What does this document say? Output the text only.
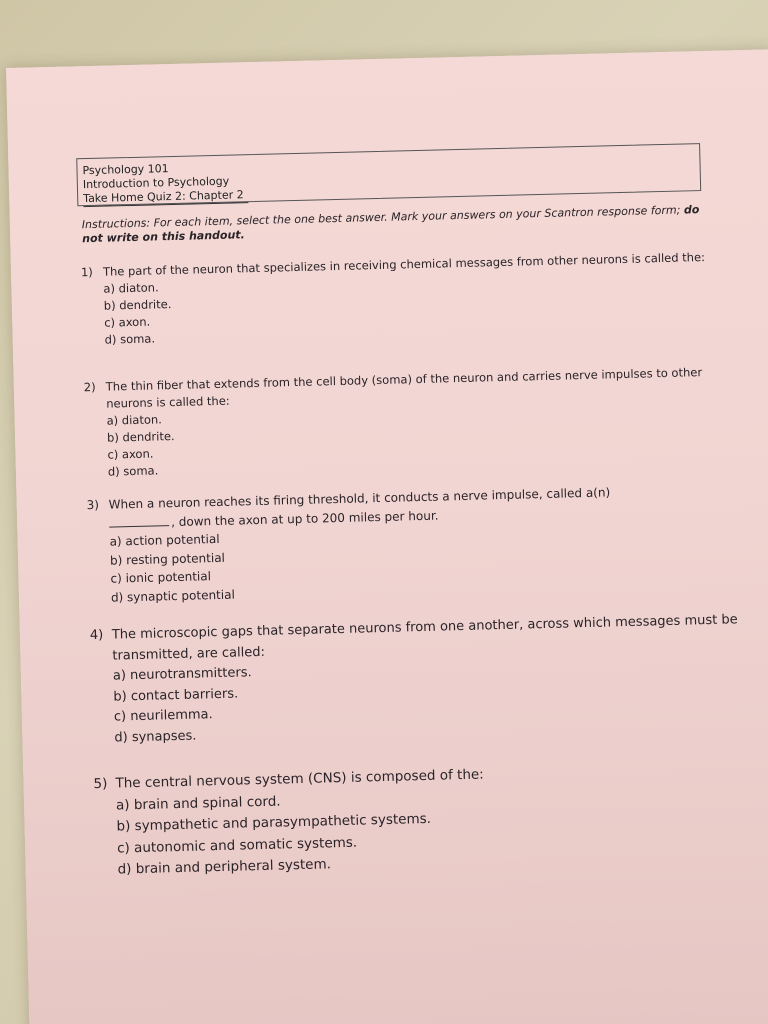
Psychology 101
Introduction to Psychology
Take Home Quiz 2: Chapter 2
Instructions: For each item, select the one best answer. Mark your answers on your Scantron response form; do not write on this handout.
1) The part of the neuron that specializes in receiving chemical messages from other neurons is called the:
a) diaton.
b) dendrite.
c) axon.
d) soma.
2) The thin fiber that extends from the cell body (soma) of the neuron and carries nerve impulses to other neurons is called the:
a) diaton.
b) dendrite.
c) axon.
d) soma.
3) When a neuron reaches its firing threshold, it conducts a nerve impulse, called a(n)
, down the axon at up to 200 miles per hour.
a) action potential
b) resting potential
c) ionic potential
d) synaptic potential
4) The microscopic gaps that separate neurons from one another, across which messages must be transmitted, are called:
a) neurotransmitters.
b) contact barriers.
c) neurilemma.
d) synapses.
5) The central nervous system (CNS) is composed of the:
a) brain and spinal cord.
b) sympathetic and parasympathetic systems.
c) autonomic and somatic systems.
d) brain and peripheral system.
